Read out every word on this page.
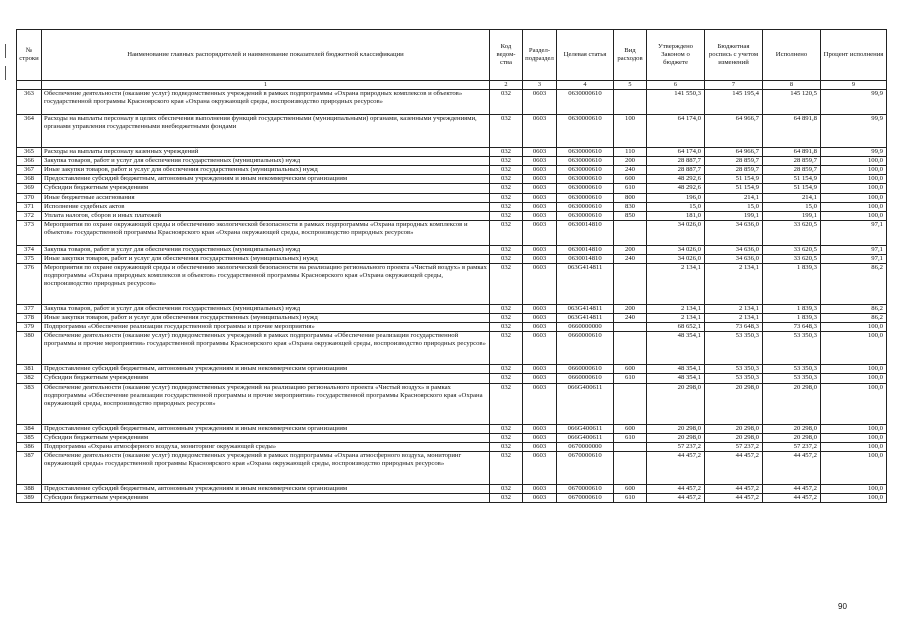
№ строки	Наименование главных распорядителей и наименование показателей бюджетной классификации	Код ведом-ства	Раздел-подраздел	Целевая статья	Вид расходов	Утверждено Законом о бюджете	Бюджетная роспись с учетом изменений	Исполнено	Процент исполнения
	1	2	3	4	5	6	7	8	9
363	Обеспечение деятельности (оказание услуг) подведомственных учреждений в рамках подпрограммы «Охрана природных комплексов и объектов» государственной программы Красноярского края «Охрана окружающей среды, воспроизводство природных ресурсов»	032	0603	0630000610		141 550,3	145 195,4	145 120,5	99,9
364	Расходы на выплаты персоналу в целях обеспечения выполнения функций государственными (муниципальными) органами, казенными учреждениями, органами управления государственными внебюджетными фондами	032	0603	0630000610	100	64 174,0	64 966,7	64 891,8	99,9
365	Расходы на выплаты персоналу казенных учреждений	032	0603	0630000610	110	64 174,0	64 966,7	64 891,8	99,9
366	Закупка товаров, работ и услуг для обеспечения государственных (муниципальных) нужд	032	0603	0630000610	200	28 887,7	28 859,7	28 859,7	100,0
367	Иные закупки товаров, работ и услуг для обеспечения государственных (муниципальных) нужд	032	0603	0630000610	240	28 887,7	28 859,7	28 859,7	100,0
368	Предоставление субсидий бюджетным, автономным учреждениям и иным некоммерческим организациям	032	0603	0630000610	600	48 292,6	51 154,9	51 154,9	100,0
369	Субсидии бюджетным учреждениям	032	0603	0630000610	610	48 292,6	51 154,9	51 154,9	100,0
370	Иные бюджетные ассигнования	032	0603	0630000610	800	196,0	214,1	214,1	100,0
371	Исполнение судебных актов	032	0603	0630000610	830	15,0	15,0	15,0	100,0
372	Уплата налогов, сборов и иных платежей	032	0603	0630000610	850	181,0	199,1	199,1	100,0
373	Мероприятия по охране окружающей среды и обеспечению экологической безопасности в рамках подпрограммы «Охрана природных комплексов и объектов» государственной программы Красноярского края «Охрана окружающей среды, воспроизводство природных ресурсов»	032	0603	0630014810		34 026,0	34 636,0	33 620,5	97,1
374	Закупка товаров, работ и услуг для обеспечения государственных (муниципальных) нужд	032	0603	0630014810	200	34 026,0	34 636,0	33 620,5	97,1
375	Иные закупки товаров, работ и услуг для обеспечения государственных (муниципальных) нужд	032	0603	0630014810	240	34 026,0	34 636,0	33 620,5	97,1
376	Мероприятия по охране окружающей среды и обеспечению экологической безопасности на реализацию регионального проекта «Чистый воздух» в рамках подпрограммы «Охрана природных комплексов и объектов» государственной программы Красноярского края «Охрана окружающей среды, воспроизводство природных ресурсов»	032	0603	063G414811		2 134,1	2 134,1	1 839,3	86,2
377	Закупка товаров, работ и услуг для обеспечения государственных (муниципальных) нужд	032	0603	063G414811	200	2 134,1	2 134,1	1 839,3	86,2
378	Иные закупки товаров, работ и услуг для обеспечения государственных (муниципальных) нужд	032	0603	063G414811	240	2 134,1	2 134,1	1 839,3	86,2
379	Подпрограмма «Обеспечение реализации государственной программы и прочие мероприятия»	032	0603	0660000000		68 652,1	73 648,3	73 648,3	100,0
380	Обеспечение деятельности (оказание услуг) подведомственных учреждений в рамках подпрограммы «Обеспечение реализации государственной программы и прочие мероприятия» государственной программы Красноярского края «Охрана окружающей среды, воспроизводство природных ресурсов»	032	0603	0660000610		48 354,1	53 350,3	53 350,3	100,0
381	Предоставление субсидий бюджетным, автономным учреждениям и иным некоммерческим организациям	032	0603	0660000610	600	48 354,1	53 350,3	53 350,3	100,0
382	Субсидии бюджетным учреждениям	032	0603	0660000610	610	48 354,1	53 350,3	53 350,3	100,0
383	Обеспечение деятельности (оказание услуг) подведомственных учреждений на реализацию регионального проекта «Чистый воздух» в рамках подпрограммы «Обеспечение реализации государственной программы и прочие мероприятия» государственной программы Красноярского края «Охрана окружающей среды, воспроизводство природных ресурсов»	032	0603	066G400611		20 298,0	20 298,0	20 298,0	100,0
384	Предоставление субсидий бюджетным, автономным учреждениям и иным некоммерческим организациям	032	0603	066G400611	600	20 298,0	20 298,0	20 298,0	100,0
385	Субсидии бюджетным учреждениям	032	0603	066G400611	610	20 298,0	20 298,0	20 298,0	100,0
386	Подпрограмма «Охрана атмосферного воздуха, мониторинг окружающей среды»	032	0603	0670000000		57 237,2	57 237,2	57 237,2	100,0
387	Обеспечение деятельности (оказание услуг) подведомственных учреждений в рамках подпрограммы «Охрана атмосферного воздуха, мониторинг окружающей среды» государственной программы Красноярского края «Охрана окружающей среды, воспроизводство природных ресурсов»	032	0603	0670000610		44 457,2	44 457,2	44 457,2	100,0
388	Предоставление субсидий бюджетным, автономным учреждениям и иным некоммерческим организациям	032	0603	0670000610	600	44 457,2	44 457,2	44 457,2	100,0
389	Субсидии бюджетным учреждениям	032	0603	0670000610	610	44 457,2	44 457,2	44 457,2	100,0
90
